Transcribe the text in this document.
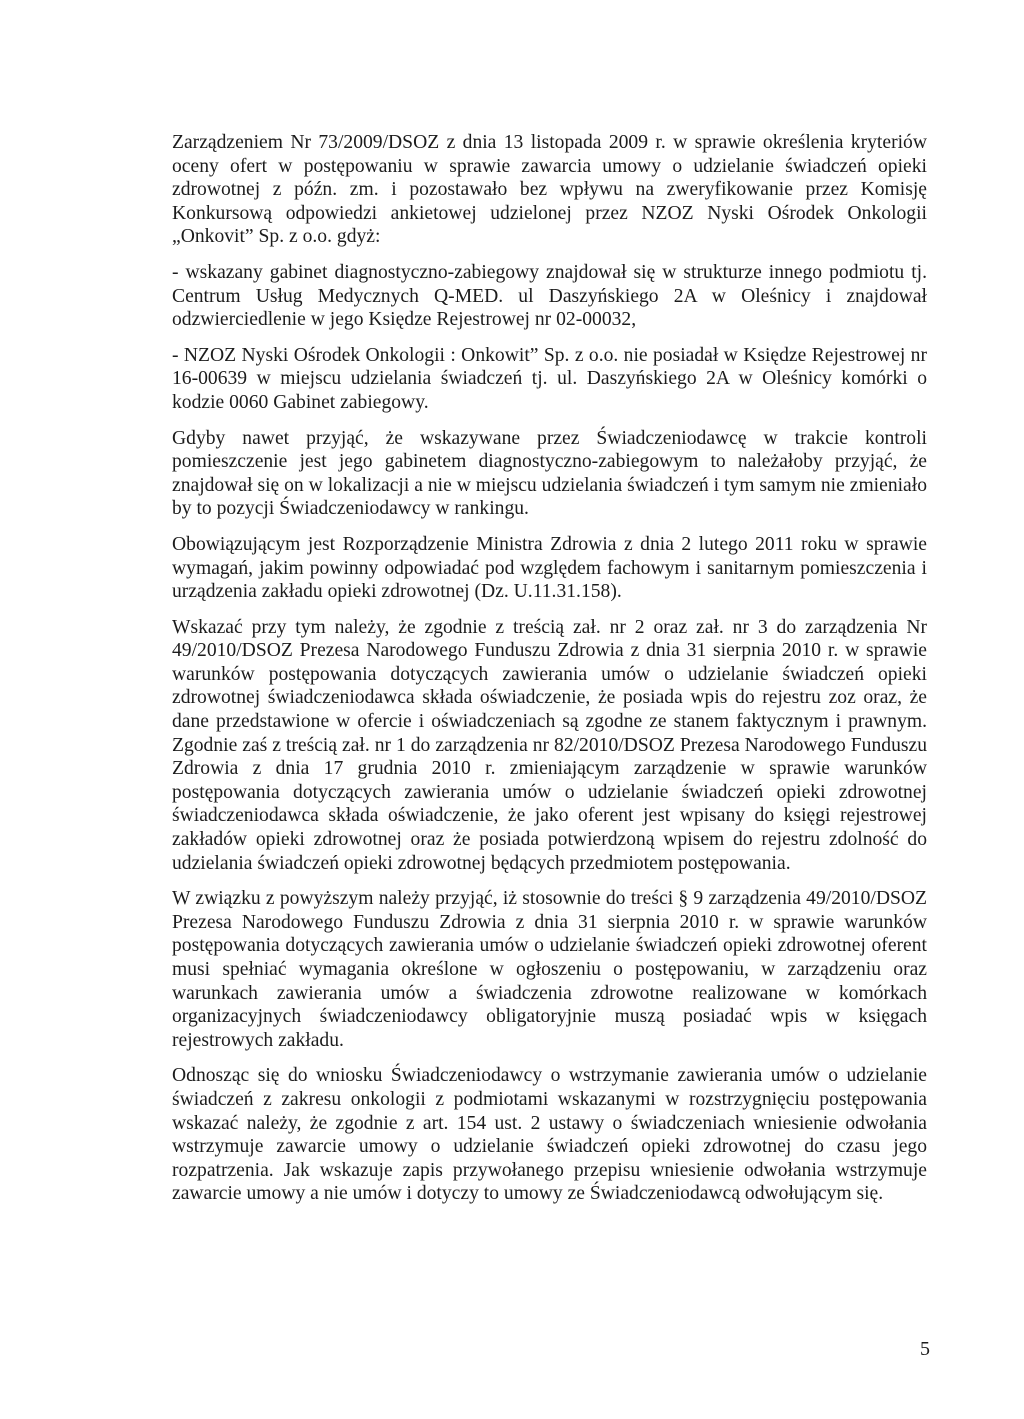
Zarządzeniem Nr 73/2009/DSOZ z dnia 13 listopada 2009 r. w sprawie określenia kryteriów oceny ofert w postępowaniu w sprawie zawarcia umowy o udzielanie świadczeń opieki zdrowotnej z późn. zm. i pozostawało bez wpływu na zweryfikowanie przez Komisję Konkursową odpowiedzi ankietowej udzielonej przez NZOZ Nyski Ośrodek Onkologii „Onkovit” Sp. z o.o. gdyż:

- wskazany gabinet diagnostyczno-zabiegowy znajdował się w strukturze innego podmiotu tj. Centrum Usług Medycznych Q-MED. ul Daszyńskiego 2A w Oleśnicy i znajdował odzwierciedlenie w jego Księdze Rejestrowej nr 02-00032,

- NZOZ Nyski Ośrodek Onkologii : Onkowit” Sp. z o.o. nie posiadał w Księdze Rejestrowej nr 16-00639 w miejscu udzielania świadczeń tj. ul. Daszyńskiego 2A w Oleśnicy komórki o kodzie 0060 Gabinet zabiegowy.

Gdyby nawet przyjąć, że wskazywane przez Świadczeniodawcę w trakcie kontroli pomieszczenie jest jego gabinetem diagnostyczno-zabiegowym to należałoby przyjąć, że znajdował się on w lokalizacji a nie w miejscu udzielania świadczeń i tym samym nie zmieniało by to pozycji Świadczeniodawcy w rankingu.

Obowiązującym jest Rozporządzenie Ministra Zdrowia z dnia 2 lutego 2011 roku w sprawie wymagań, jakim powinny odpowiadać pod względem fachowym i sanitarnym pomieszczenia i urządzenia zakładu opieki zdrowotnej (Dz. U.11.31.158).

Wskazać przy tym należy, że zgodnie z treścią zał. nr 2 oraz zał. nr 3 do zarządzenia Nr 49/2010/DSOZ Prezesa Narodowego Funduszu Zdrowia z dnia 31 sierpnia 2010 r. w sprawie warunków postępowania dotyczących zawierania umów o udzielanie świadczeń opieki zdrowotnej świadczeniodawca składa oświadczenie, że posiada wpis do rejestru zoz oraz, że dane przedstawione w ofercie i oświadczeniach są zgodne ze stanem faktycznym i prawnym. Zgodnie zaś z treścią zał. nr 1 do zarządzenia nr 82/2010/DSOZ Prezesa Narodowego Funduszu Zdrowia z dnia 17 grudnia 2010 r. zmieniającym zarządzenie w sprawie warunków postępowania dotyczących zawierania umów o udzielanie świadczeń opieki zdrowotnej świadczeniodawca składa oświadczenie, że jako oferent jest wpisany do księgi rejestrowej zakładów opieki zdrowotnej oraz że posiada potwierdzoną wpisem do rejestru zdolność do udzielania świadczeń opieki zdrowotnej będących przedmiotem postępowania.

W związku z powyższym należy przyjąć, iż stosownie do treści § 9 zarządzenia 49/2010/DSOZ Prezesa Narodowego Funduszu Zdrowia z dnia 31 sierpnia 2010 r. w sprawie warunków postępowania dotyczących zawierania umów o udzielanie świadczeń opieki zdrowotnej oferent musi spełniać wymagania określone w ogłoszeniu o postępowaniu, w zarządzeniu oraz warunkach zawierania umów a świadczenia zdrowotne realizowane w komórkach organizacyjnych świadczeniodawcy obligatoryjnie muszą posiadać wpis w księgach rejestrowych zakładu.

Odnosząc się do wniosku Świadczeniodawcy o wstrzymanie zawierania umów o udzielanie świadczeń z zakresu onkologii z podmiotami wskazanymi w rozstrzygnięciu postępowania wskazać należy, że zgodnie z art. 154 ust. 2 ustawy o świadczeniach wniesienie odwołania wstrzymuje zawarcie umowy o udzielanie świadczeń opieki zdrowotnej do czasu jego rozpatrzenia. Jak wskazuje zapis przywołanego przepisu wniesienie odwołania wstrzymuje zawarcie umowy a nie umów i dotyczy to umowy ze Świadczeniodawcą odwołującym się.

5
